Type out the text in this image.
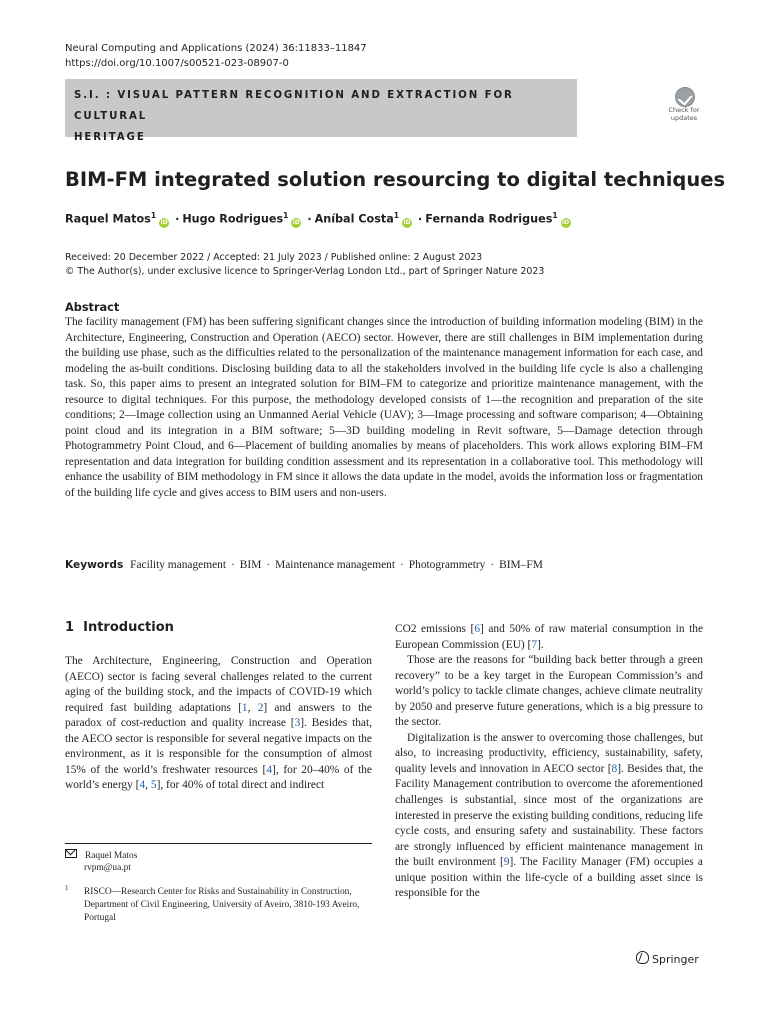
Neural Computing and Applications (2024) 36:11833–11847
https://doi.org/10.1007/s00521-023-08907-0
S.I. : VISUAL PATTERN RECOGNITION AND EXTRACTION FOR CULTURAL
HERITAGE
Check for
updates
BIM-FM integrated solution resourcing to digital techniques
Raquel Matos$^1$iD · Hugo Rodrigues$^1$iD · Aníbal Costa$^1$iD · Fernanda Rodrigues$^1$iD
Received: 20 December 2022 / Accepted: 21 July 2023 / Published online: 2 August 2023
© The Author(s), under exclusive licence to Springer-Verlag London Ltd., part of Springer Nature 2023
Abstract
The facility management (FM) has been suffering significant changes since the introduction of building information modeling (BIM) in the Architecture, Engineering, Construction and Operation (AECO) sector. However, there are still challenges in BIM implementation during the building use phase, such as the difficulties related to the personalization of the maintenance management information for each case, and modeling the as-built conditions. Disclosing building data to all the stakeholders involved in the building life cycle is also a challenging task. So, this paper aims to present an integrated solution for BIM–FM to categorize and prioritize maintenance management, with the resource to digital techniques. For this purpose, the methodology developed consists of 1—the recognition and preparation of the site conditions; 2—Image collection using an Unmanned Aerial Vehicle (UAV); 3—Image processing and software comparison; 4—Obtaining point cloud and its integration in a BIM software; 5—3D building modeling in Revit software, 5—Damage detection through Photogrammetry Point Cloud, and 6—Placement of building anomalies by means of placeholders. This work allows exploring BIM–FM representation and data integration for building condition assessment and its representation in a collaborative tool. This methodology will enhance the usability of BIM methodology in FM since it allows the data update in the model, avoids the information loss or fragmentation of the building life cycle and gives access to BIM users and non-users.
Keywords Facility management · BIM · Maintenance management · Photogrammetry · BIM–FM
1 Introduction

The Architecture, Engineering, Construction and Operation (AECO) sector is facing several challenges related to the current aging of the building stock, and the impacts of COVID-19 which required fast building adaptations [1, 2] and answers to the paradox of cost-reduction and quality increase [3]. Besides that, the AECO sector is responsible for several negative impacts on the environment, as it is responsible for the consumption of almost 15% of the world’s freshwater resources [4], for 20–40% of the world’s energy [4, 5], for 40% of total direct and indirect

CO2 emissions [6] and 50% of raw material consumption in the European Commission (EU) [7].

Those are the reasons for “building back better through a green recovery” to be a key target in the European Commission’s and world’s policy to tackle climate changes, achieve climate neutrality by 2050 and preserve future generations, which is a big pressure to the sector.

Digitalization is the answer to overcoming those challenges, but also, to increasing productivity, efficiency, sustainability, safety, quality levels and innovation in AECO sector [8]. Besides that, the Facility Management contribution to overcome the aforementioned challenges is substantial, since most of the organizations are interested in preserve the existing building conditions, reducing life cycle costs, and ensuring safety and sustainability. These factors are strongly influenced by efficient maintenance management in the built environment [9]. The Facility Manager (FM) occupies a unique position within the life-cycle of a building asset since is responsible for the

Raquel Matos
rvpm@ua.pt
1 RISCO—Research Center for Risks and Sustainability in Construction, Department of Civil Engineering, University of Aveiro, 3810-193 Aveiro, Portugal
Springer
